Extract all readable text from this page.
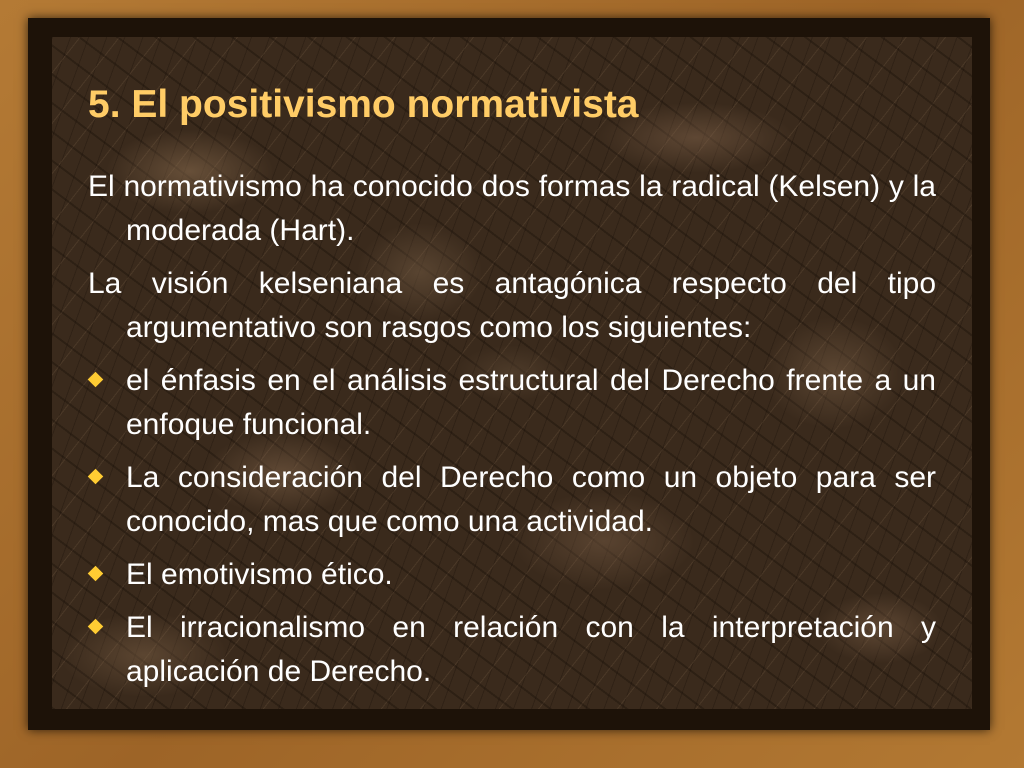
5. El positivismo normativista

El normativismo ha conocido dos formas la radical (Kelsen) y la moderada (Hart).

La visión kelseniana es antagónica respecto del tipo argumentativo son rasgos como los siguientes:

el énfasis en el análisis estructural del Derecho frente a un enfoque funcional.
La consideración del Derecho como un objeto para ser conocido, mas que como una actividad.
El emotivismo ético.
El irracionalismo en relación con la interpretación y aplicación de Derecho.
